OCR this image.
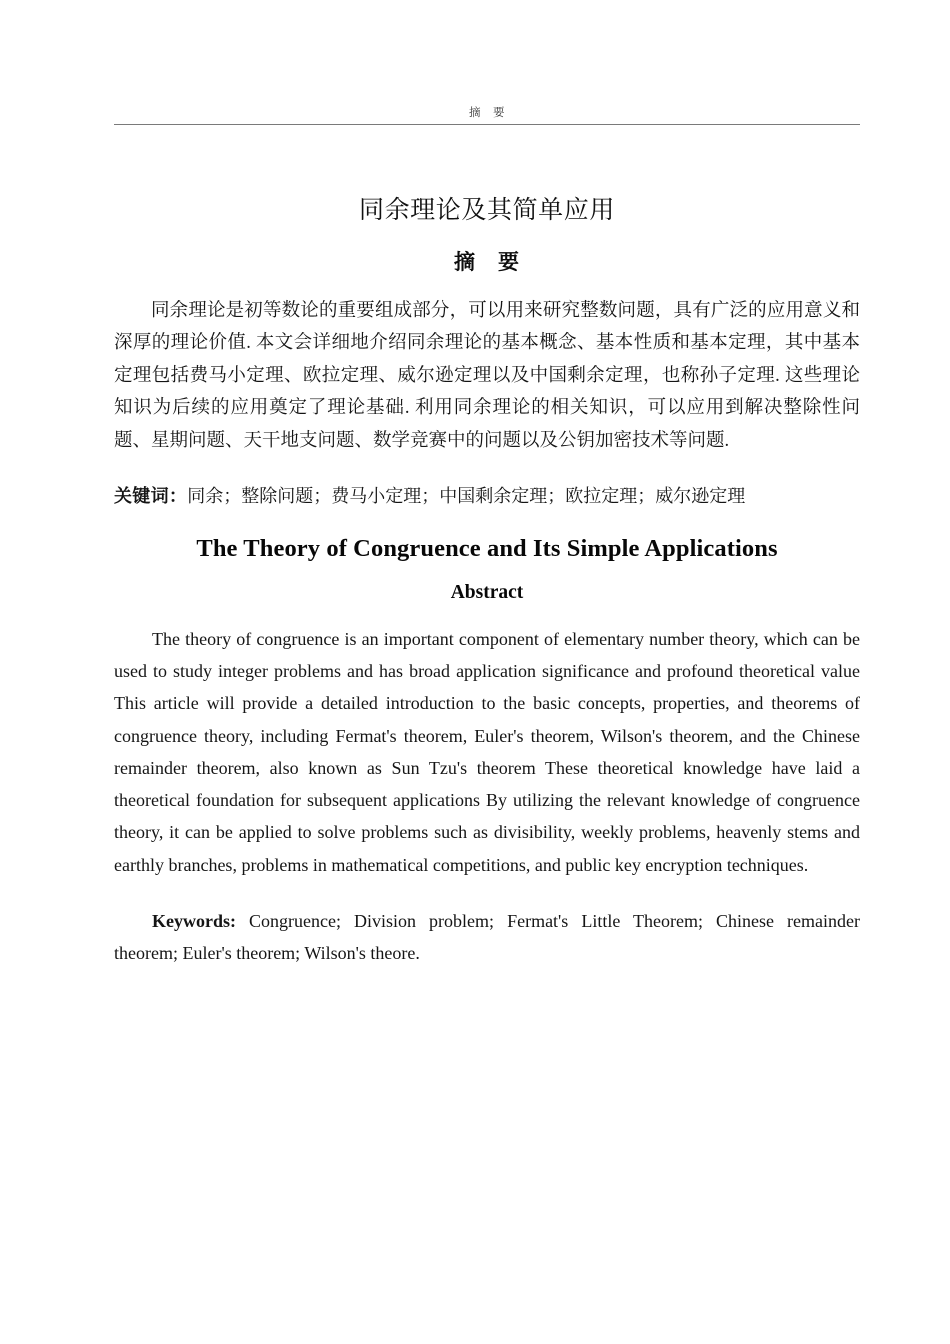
摘　要
同余理论及其简单应用
摘　要

同余理论是初等数论的重要组成部分，可以用来研究整数问题，具有广泛的应用意义和深厚的理论价值. 本文会详细地介绍同余理论的基本概念、基本性质和基本定理，其中基本定理包括费马小定理、欧拉定理、威尔逊定理以及中国剩余定理，也称孙子定理. 这些理论知识为后续的应用奠定了理论基础. 利用同余理论的相关知识，可以应用到解决整除性问题、星期问题、天干地支问题、数学竞赛中的问题以及公钥加密技术等问题.

关键词：同余；整除问题；费马小定理；中国剩余定理；欧拉定理；威尔逊定理

The Theory of Congruence and Its Simple Applications
Abstract

The theory of congruence is an important component of elementary number theory, which can be used to study integer problems and has broad application significance and profound theoretical value This article will provide a detailed introduction to the basic concepts, properties, and theorems of congruence theory, including Fermat's theorem, Euler's theorem, Wilson's theorem, and the Chinese remainder theorem, also known as Sun Tzu's theorem These theoretical knowledge have laid a theoretical foundation for subsequent applications By utilizing the relevant knowledge of congruence theory, it can be applied to solve problems such as divisibility, weekly problems, heavenly stems and earthly branches, problems in mathematical competitions, and public key encryption techniques.

Keywords: Congruence; Division problem; Fermat's Little Theorem; Chinese remainder theorem; Euler's theorem; Wilson's theore.
